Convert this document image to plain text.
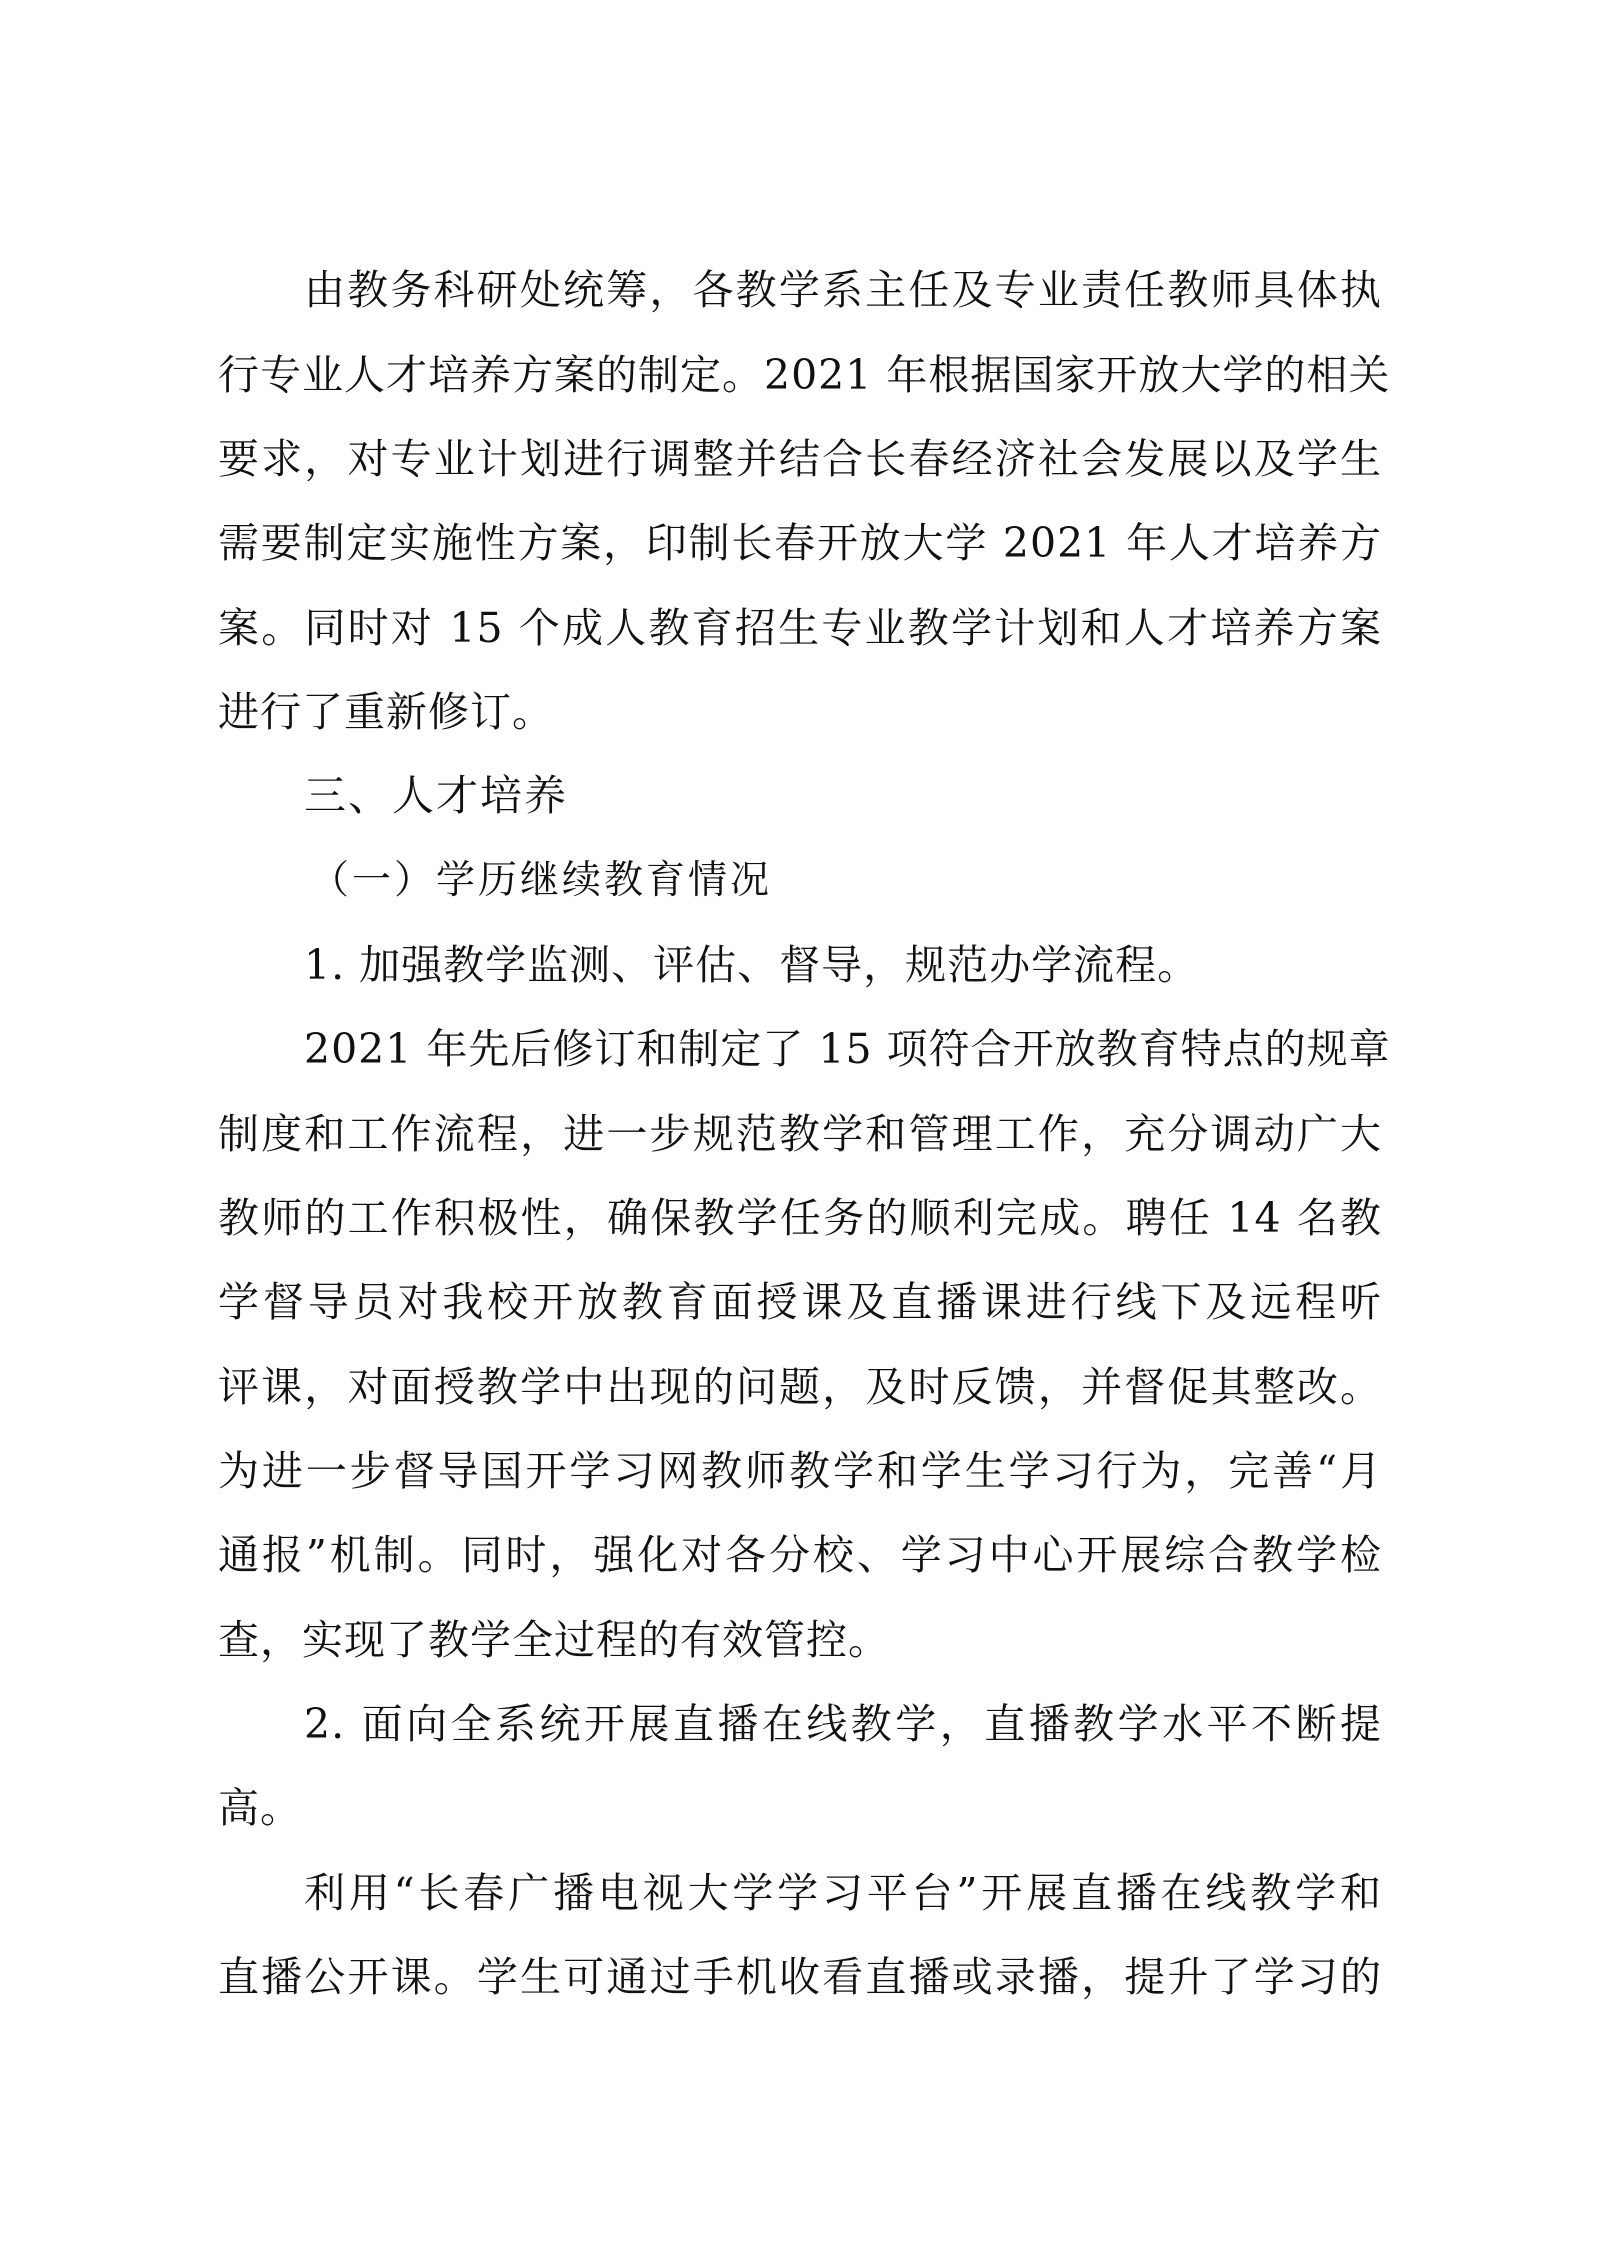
由教务科研处统筹，各教学系主任及专业责任教师具体执
行专业人才培养方案的制定。2021 年根据国家开放大学的相关
要求，对专业计划进行调整并结合长春经济社会发展以及学生
需要制定实施性方案，印制长春开放大学 2021 年人才培养方
案。同时对 15 个成人教育招生专业教学计划和人才培养方案
进行了重新修订。
三、人才培养
（一）学历继续教育情况
1. 加强教学监测、评估、督导，规范办学流程。
2021 年先后修订和制定了 15 项符合开放教育特点的规章
制度和工作流程，进一步规范教学和管理工作，充分调动广大
教师的工作积极性，确保教学任务的顺利完成。聘任 14 名教
学督导员对我校开放教育面授课及直播课进行线下及远程听
评课，对面授教学中出现的问题，及时反馈，并督促其整改。
为进一步督导国开学习网教师教学和学生学习行为，完善“月
通报”机制。同时，强化对各分校、学习中心开展综合教学检
查，实现了教学全过程的有效管控。
2. 面向全系统开展直播在线教学，直播教学水平不断提
高。
利用“长春广播电视大学学习平台”开展直播在线教学和
直播公开课。学生可通过手机收看直播或录播，提升了学习的
